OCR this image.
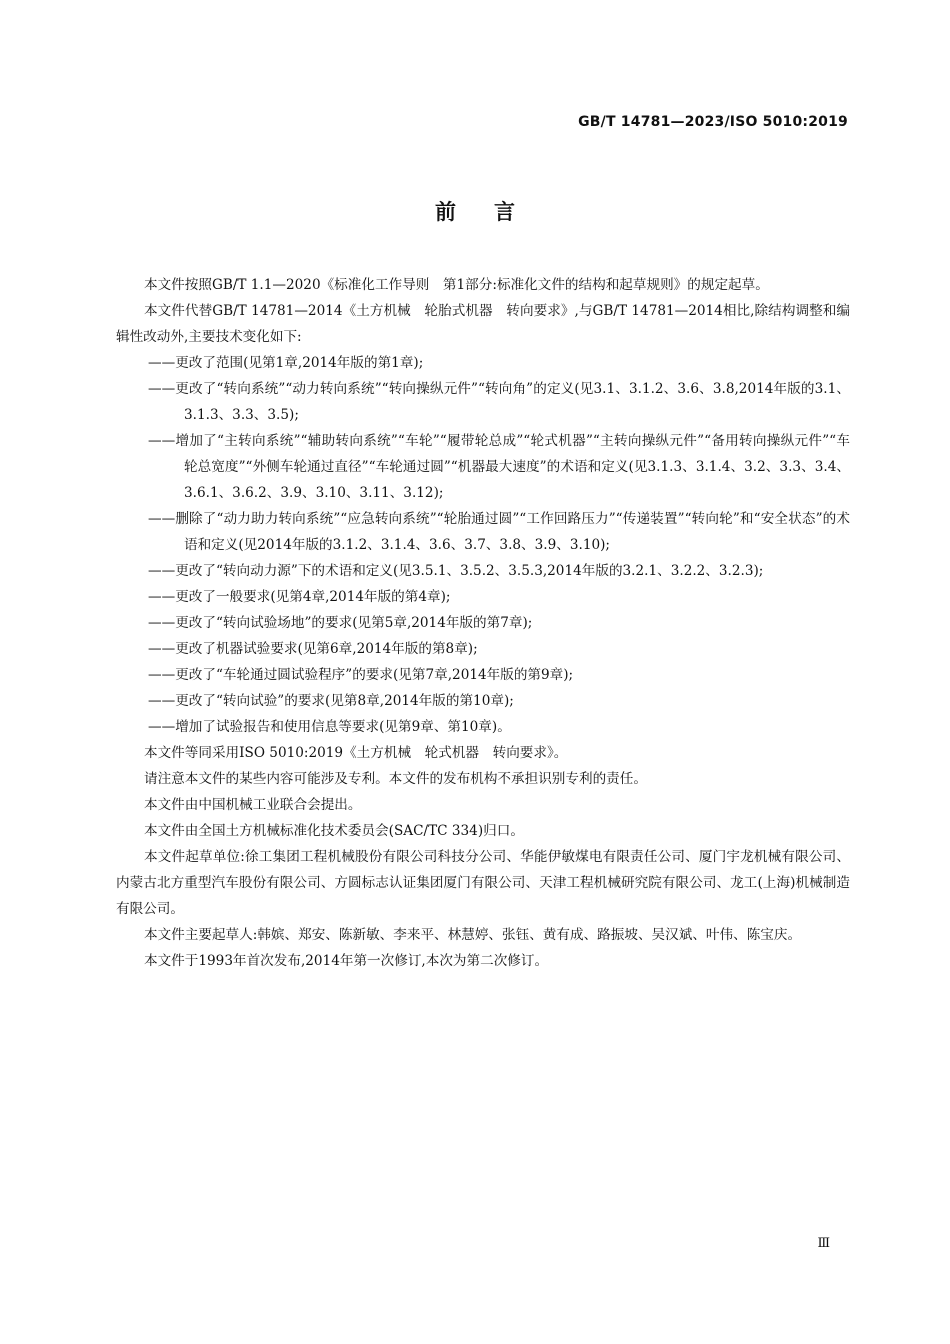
GB/T 14781—2023/ISO 5010:2019
前言

本文件按照GB/T 1.1—2020《标准化工作导则　第1部分:标准化文件的结构和起草规则》的规定起草。

本文件代替GB/T 14781—2014《土方机械　轮胎式机器　转向要求》,与GB/T 14781—2014相比,除结构调整和编辑性改动外,主要技术变化如下:

——更改了范围(见第1章,2014年版的第1章);

——更改了“转向系统”“动力转向系统”“转向操纵元件”“转向角”的定义(见3.1、3.1.2、3.6、3.8,2014年版的3.1、3.1.3、3.3、3.5);

——增加了“主转向系统”“辅助转向系统”“车轮”“履带轮总成”“轮式机器”“主转向操纵元件”“备用转向操纵元件”“车轮总宽度”“外侧车轮通过直径”“车轮通过圆”“机器最大速度”的术语和定义(见3.1.3、3.1.4、3.2、3.3、3.4、3.6.1、3.6.2、3.9、3.10、3.11、3.12);

——删除了“动力助力转向系统”“应急转向系统”“轮胎通过圆”“工作回路压力”“传递装置”“转向轮”和“安全状态”的术语和定义(见2014年版的3.1.2、3.1.4、3.6、3.7、3.8、3.9、3.10);

——更改了“转向动力源”下的术语和定义(见3.5.1、3.5.2、3.5.3,2014年版的3.2.1、3.2.2、3.2.3);

——更改了一般要求(见第4章,2014年版的第4章);

——更改了“转向试验场地”的要求(见第5章,2014年版的第7章);

——更改了机器试验要求(见第6章,2014年版的第8章);

——更改了“车轮通过圆试验程序”的要求(见第7章,2014年版的第9章);

——更改了“转向试验”的要求(见第8章,2014年版的第10章);

——增加了试验报告和使用信息等要求(见第9章、第10章)。

本文件等同采用ISO 5010:2019《土方机械　轮式机器　转向要求》。

请注意本文件的某些内容可能涉及专利。本文件的发布机构不承担识别专利的责任。

本文件由中国机械工业联合会提出。

本文件由全国土方机械标准化技术委员会(SAC/TC 334)归口。

本文件起草单位:徐工集团工程机械股份有限公司科技分公司、华能伊敏煤电有限责任公司、厦门宇龙机械有限公司、内蒙古北方重型汽车股份有限公司、方圆标志认证集团厦门有限公司、天津工程机械研究院有限公司、龙工(上海)机械制造有限公司。

本文件主要起草人:韩嫔、郑安、陈新敏、李来平、林慧婷、张钰、黄有成、路振坡、吴汉斌、叶伟、陈宝庆。

本文件于1993年首次发布,2014年第一次修订,本次为第二次修订。

Ⅲ
